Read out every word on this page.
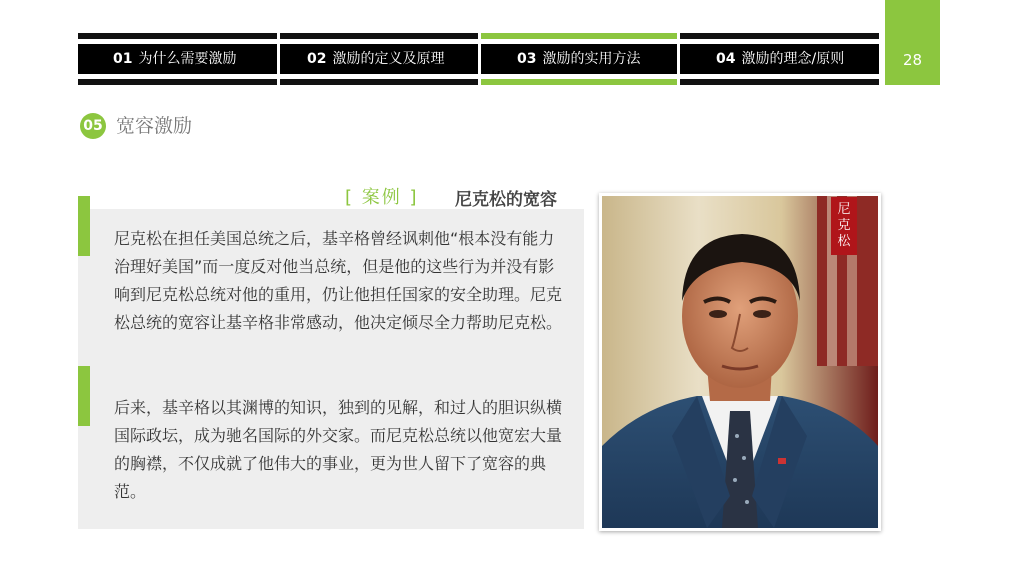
01 为什么需要激励	02 激励的定义及原理	03 激励的实用方法	04 激励的理念/原则	28
05 宽容激励
[ 案例 ] 尼克松的宽容

尼克松在担任美国总统之后，基辛格曾经讽刺他“根本没有能力治理好美国”而一度反对他当总统，但是他的这些行为并没有影响到尼克松总统对他的重用，仍让他担任国家的安全助理。尼克松总统的宽容让基辛格非常感动，他决定倾尽全力帮助尼克松。

后来，基辛格以其渊博的知识，独到的见解，和过人的胆识纵横国际政坛，成为驰名国际的外交家。而尼克松总统以他宽宏大量的胸襟，不仅成就了他伟大的事业，更为世人留下了宽容的典范。

尼
克
松
